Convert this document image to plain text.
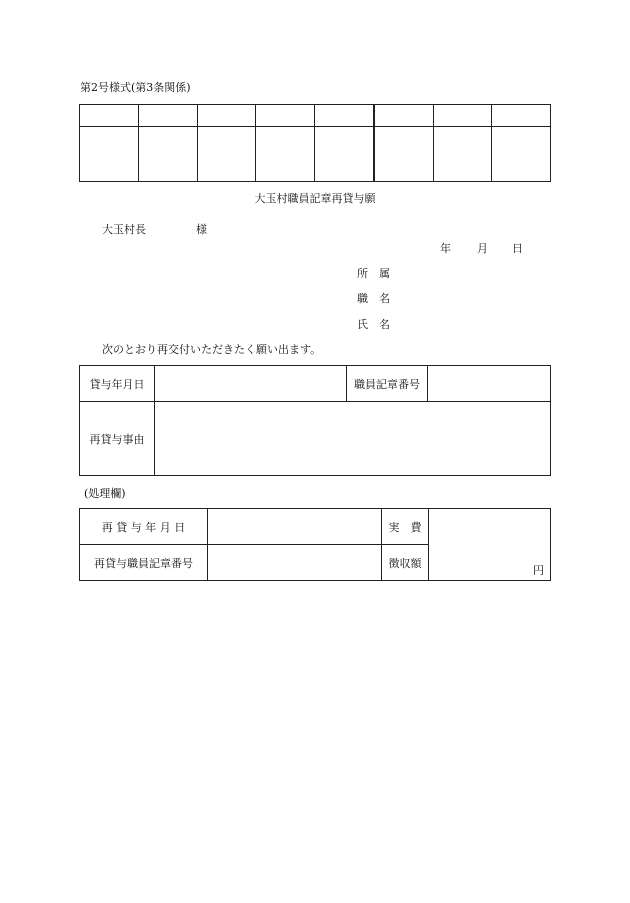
第2号様式(第3条関係)

大玉村職員記章再貸与願
大玉村長	様
年 月 日
所　属
職　名
氏　名
次のとおり再交付いただきたく願い出ます。
貸与年月日		職員記章番号	
再貸与事由			
(処理欄)
再 貸 与 年 月 日		実　費	円
再貸与職員記章番号		徴収額	
